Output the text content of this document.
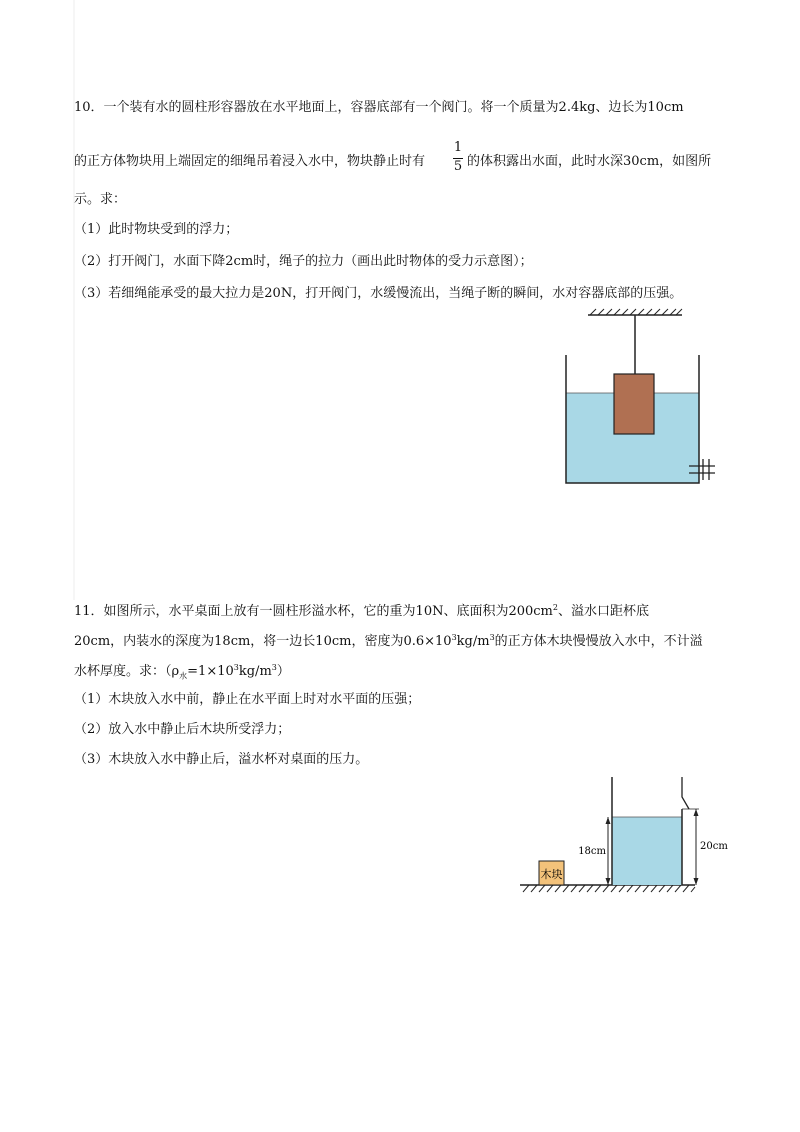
10．一个装有水的圆柱形容器放在水平地面上，容器底部有一个阀门。将一个质量为2.4kg、边长为10cm
的正方体物块用上端固定的细绳吊着浸入水中，物块静止时有
1
5 的体积露出水面，此时水深30cm，如图所
示。求：
（1）此时物块受到的浮力；
（2）打开阀门，水面下降2cm时，绳子的拉力（画出此时物体的受力示意图）；
（3）若细绳能承受的最大拉力是20N，打开阀门，水缓慢流出，当绳子断的瞬间，水对容器底部的压强。
11．如图所示，水平桌面上放有一圆柱形溢水杯，它的重为10N、底面积为$200cm^2$、溢水口距杯底
20cm，内装水的深度为18cm，将一边长10cm，密度为$0.6\times 10^3kg/m^3$的正方体木块慢慢放入水中，不计溢
水杯厚度。求：$(\rho_水=1\times 10^3kg/m^3)$
（1）木块放入水中前，静止在水平面上时对水平面的压强；
（2）放入水中静止后木块所受浮力；
（3）木块放入水中静止后，溢水杯对桌面的压力。
木块
18cm	20cm
